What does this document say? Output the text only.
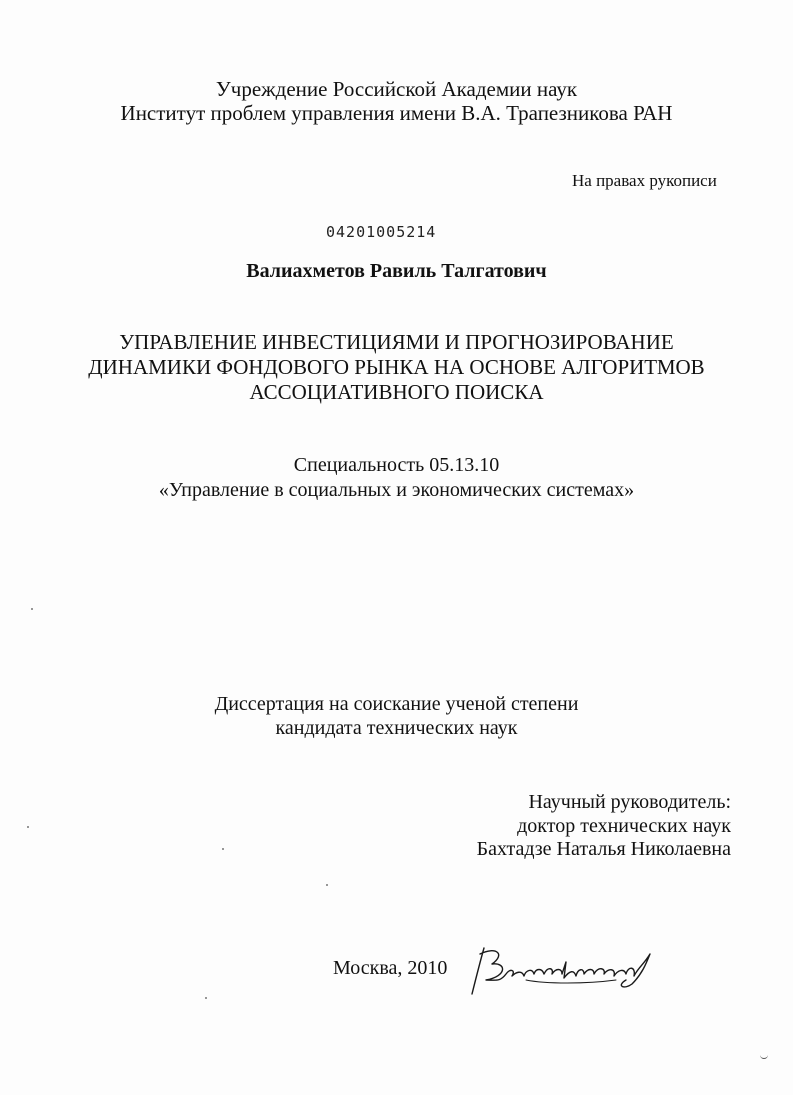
Учреждение Российской Академии наук
Институт проблем управления имени В.А. Трапезникова РАН
На правах рукописи
04201005214
Валиахметов Равиль Талгатович
УПРАВЛЕНИЕ ИНВЕСТИЦИЯМИ И ПРОГНОЗИРОВАНИЕ
ДИНАМИКИ ФОНДОВОГО РЫНКА НА ОСНОВЕ АЛГОРИТМОВ
АССОЦИАТИВНОГО ПОИСКА
Специальность 05.13.10
«Управление в социальных и экономических системах»
Диссертация на соискание ученой степени
кандидата технических наук
Научный руководитель:
доктор технических наук
Бахтадзе Наталья Николаевна
Москва, 2010
